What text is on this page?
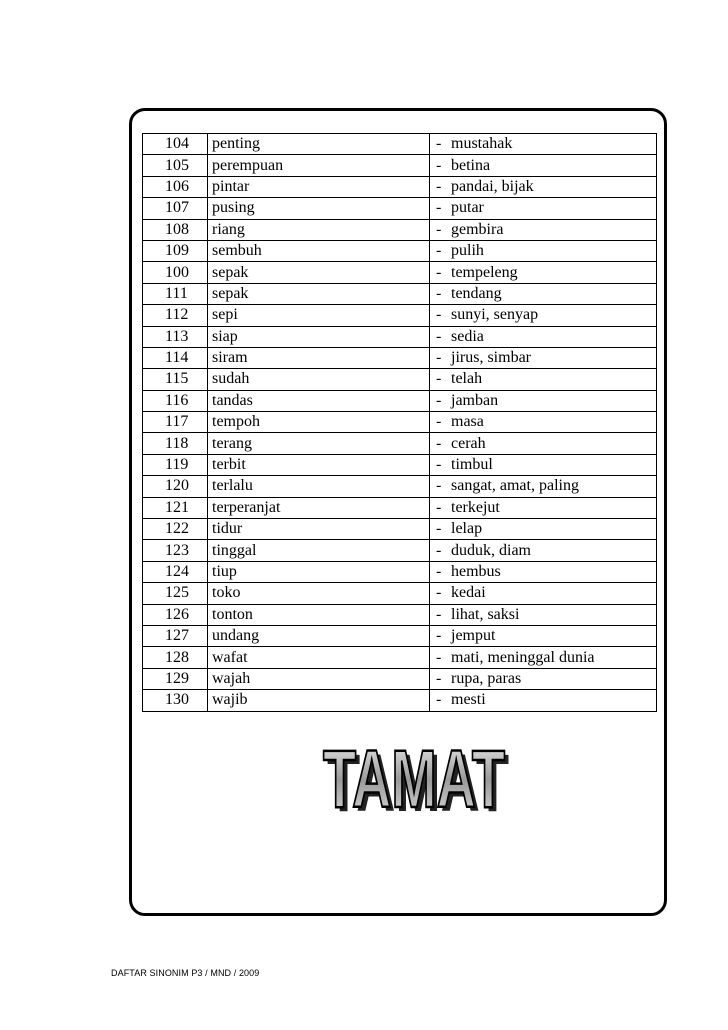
104	penting	- mustahak
105	perempuan	- betina
106	pintar	- pandai, bijak
107	pusing	- putar
108	riang	- gembira
109	sembuh	- pulih
100	sepak	- tempeleng
111	sepak	- tendang
112	sepi	- sunyi, senyap
113	siap	- sedia
114	siram	- jirus, simbar
115	sudah	- telah
116	tandas	- jamban
117	tempoh	- masa
118	terang	- cerah
119	terbit	- timbul
120	terlalu	- sangat, amat, paling
121	terperanjat	- terkejut
122	tidur	- lelap
123	tinggal	- duduk, diam
124	tiup	- hembus
125	toko	- kedai
126	tonton	- lihat, saksi
127	undang	- jemput
128	wafat	- mati, meninggal dunia
129	wajah	- rupa, paras
130	wajib	- mesti
TAMAT
TAMAT
DAFTAR SINONIM P3 / MND / 2009
